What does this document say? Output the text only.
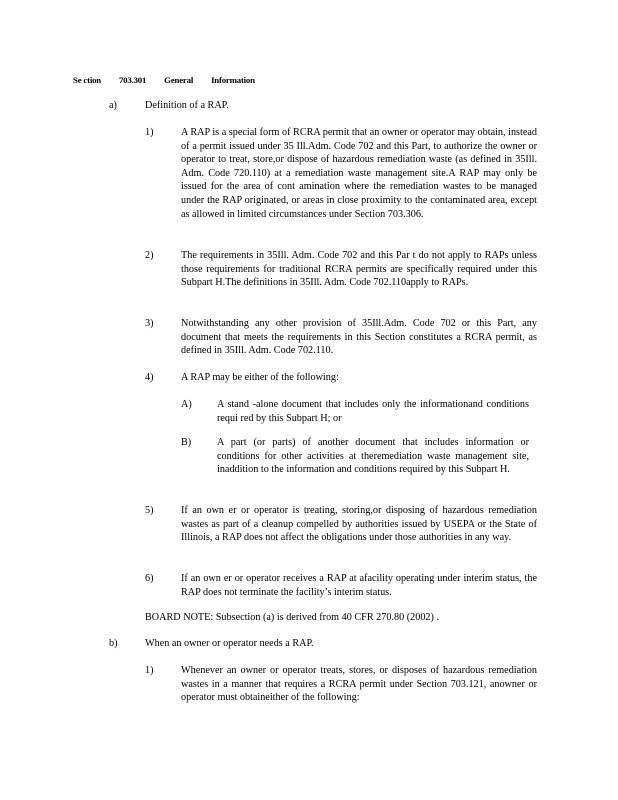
Se ction 703.301 General Information
a)	Definition of a RAP.
1)	A RAP is a special form of RCRA permit that an owner or operator may obtain, instead of a permit issued under 35 Ill.Adm. Code 702 and this Part, to authorize the owner or operator to treat, store,or dispose of hazardous remediation waste (as defined in 35Ill. Adm. Code 720.110) at a remediation waste management site.A RAP may only be issued for the area of cont amination where the remediation wastes to be managed under the RAP originated, or areas in close proximity to the contaminated area, except as allowed in limited circumstances under Section 703.306.
2)	The requirements in 35Ill. Adm. Code 702 and this Par t do not apply to RAPs unless those requirements for traditional RCRA permits are specifically required under this Subpart H.The definitions in 35Ill. Adm. Code 702.110apply to RAPs.
3)	Notwithstanding any other provision of 35Ill.Adm. Code 702 or this Part, any document that meets the requirements in this Section constitutes a RCRA permit, as defined in 35Ill. Adm. Code 702.110.
4)	A RAP may be either of the following:
A) A stand -alone document that includes only the informationand conditions requi red by this Subpart H; or
B)	A part (or parts) of another document that includes information or conditions for other activities at theremediation waste management site, inaddition to the information and conditions required by this Subpart H.
5)	If an own er or operator is treating, storing,or disposing of hazardous remediation wastes as part of a cleanup compelled by authorities issued by USEPA or the State of Illinois, a RAP does not affect the obligations under those authorities in any way.
6)	If an own er or operator receives a RAP at afacility operating under interim status, the RAP does not terminate the facility’s interim status.
BOARD NOTE: Subsection (a) is derived from 40 CFR 270.80 (2002) .
b)	When an owner or operator needs a RAP.
1)	Whenever an owner or operator treats, stores, or disposes of hazardous remediation wastes in a manner that requires a RCRA permit under Section 703.121, anowner or operator must obtaineither of the following:
